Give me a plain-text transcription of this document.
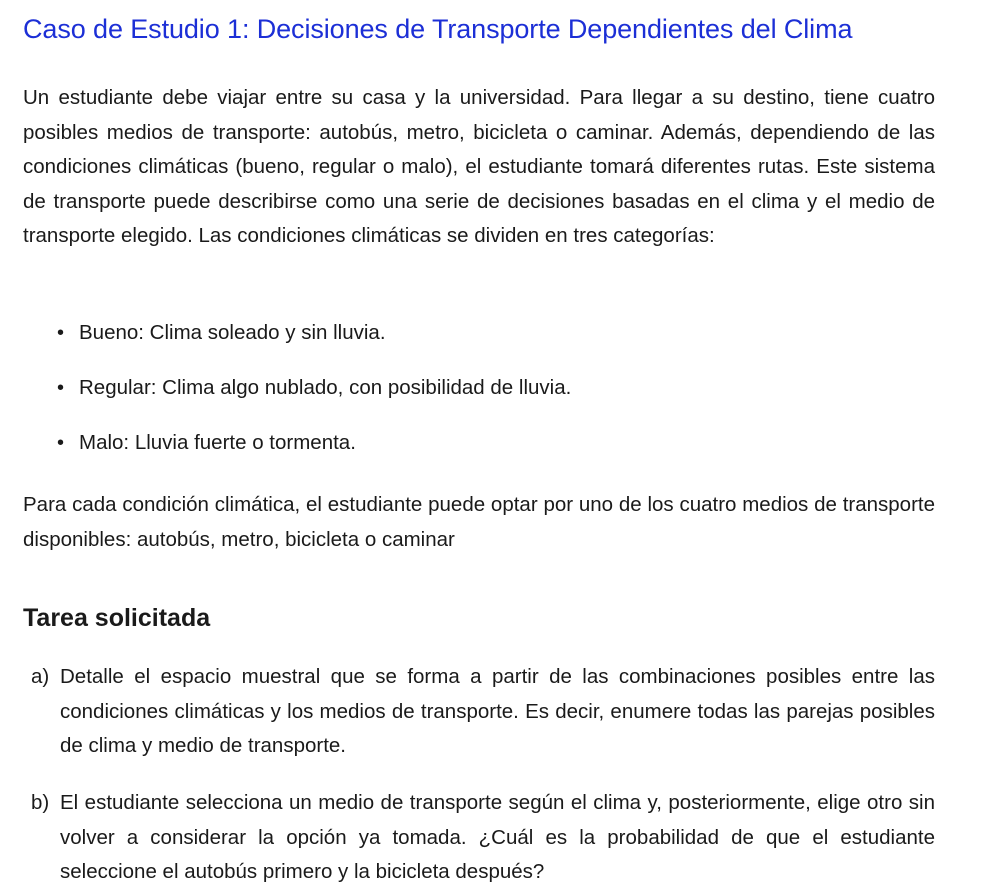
Caso de Estudio 1: Decisiones de Transporte Dependientes del Clima

Un estudiante debe viajar entre su casa y la universidad. Para llegar a su destino, tiene cuatro posibles medios de transporte: autobús, metro, bicicleta o caminar. Además, dependiendo de las condiciones climáticas (bueno, regular o malo), el estudiante tomará diferentes rutas. Este sistema de transporte puede describirse como una serie de decisiones basadas en el clima y el medio de transporte elegido. Las condiciones climáticas se dividen en tres categorías:

• Bueno: Clima soleado y sin lluvia.
• Regular: Clima algo nublado, con posibilidad de lluvia.
• Malo: Lluvia fuerte o tormenta.

Para cada condición climática, el estudiante puede optar por uno de los cuatro medios de transporte disponibles: autobús, metro, bicicleta o caminar

Tarea solicitada
a) Detalle el espacio muestral que se forma a partir de las combinaciones posibles entre las condiciones climáticas y los medios de transporte. Es decir, enumere todas las parejas posibles de clima y medio de transporte.

b) El estudiante selecciona un medio de transporte según el clima y, posteriormente, elige otro sin volver a considerar la opción ya tomada. ¿Cuál es la probabilidad de que el estudiante seleccione el autobús primero y la bicicleta después?
